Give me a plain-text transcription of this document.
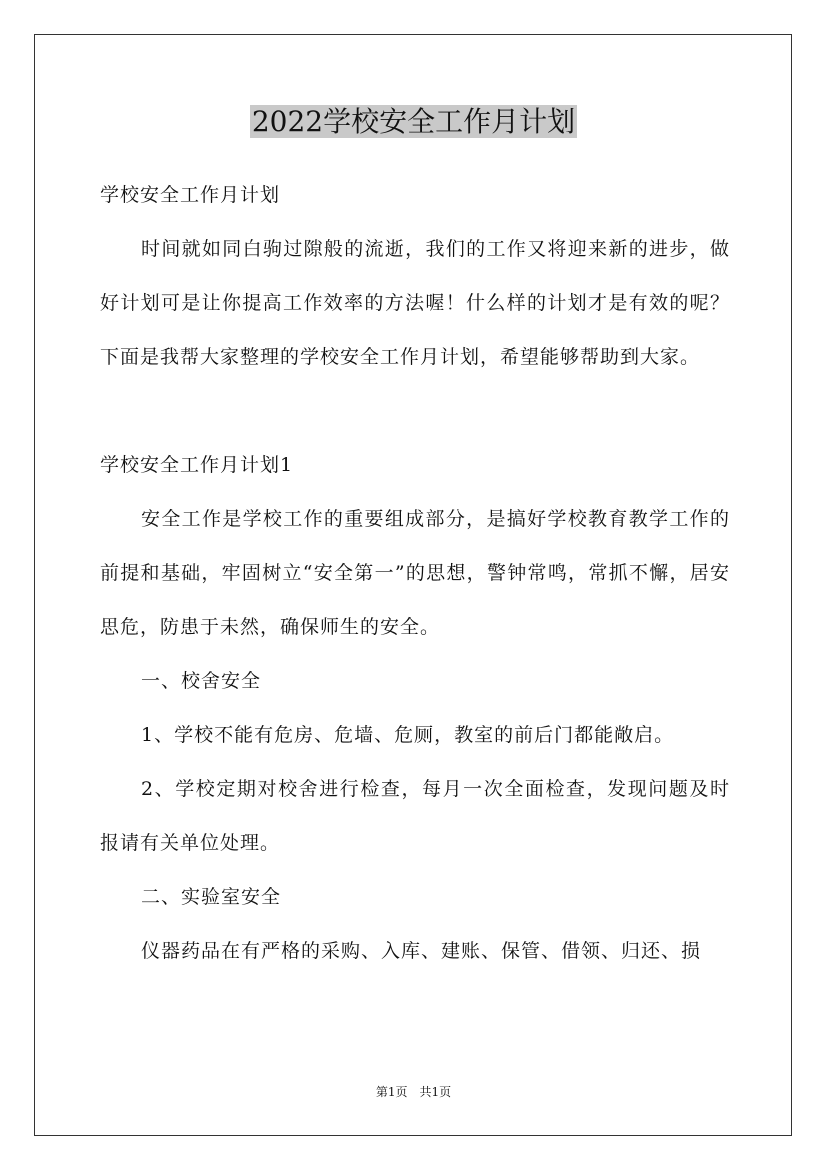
2022学校安全工作月计划

学校安全工作月计划

时间就如同白驹过隙般的流逝，我们的工作又将迎来新的进步，做好计划可是让你提高工作效率的方法喔！什么样的计划才是有效的呢？下面是我帮大家整理的学校安全工作月计划，希望能够帮助到大家。

学校安全工作月计划1

安全工作是学校工作的重要组成部分，是搞好学校教育教学工作的前提和基础，牢固树立“安全第一”的思想，警钟常鸣，常抓不懈，居安思危，防患于未然，确保师生的安全。

一、校舍安全

1、学校不能有危房、危墙、危厕，教室的前后门都能敞启。

2、学校定期对校舍进行检查，每月一次全面检查，发现问题及时报请有关单位处理。

二、实验室安全

仪器药品在有严格的采购、入库、建账、保管、借领、归还、损

第1页　共1页
